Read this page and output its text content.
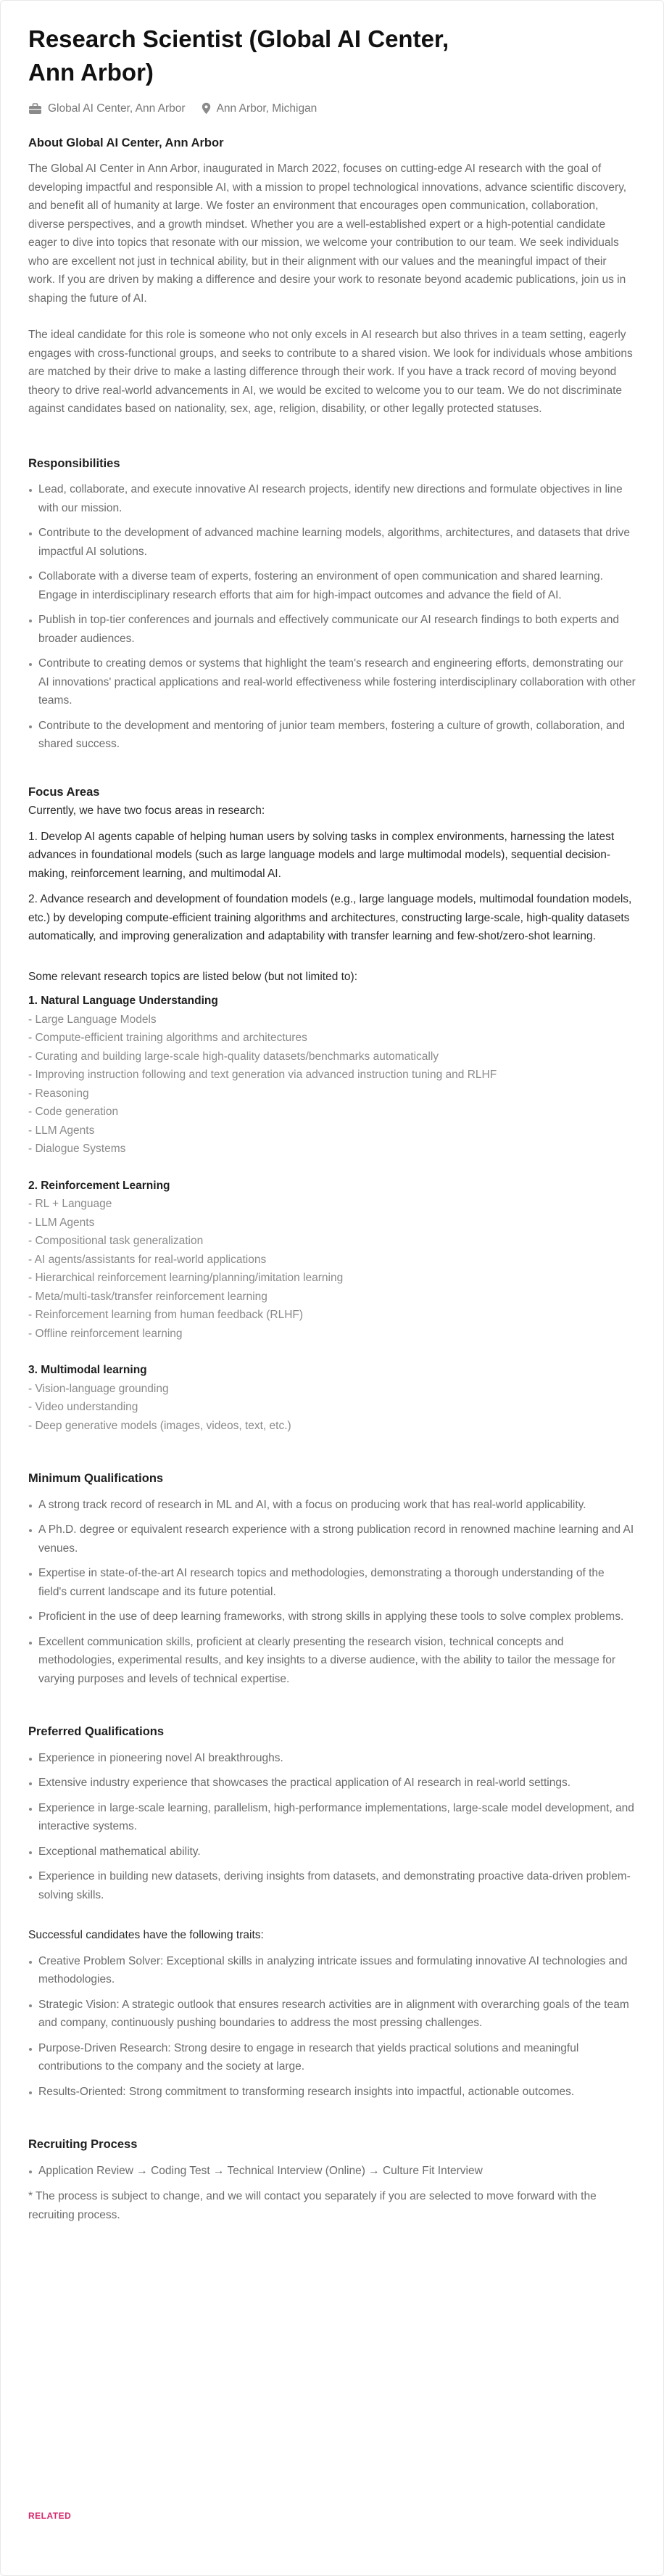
Research Scientist (Global AI Center, Ann Arbor)
Global AI Center, Ann Arbor	Ann Arbor, Michigan
About Global AI Center, Ann Arbor

The Global AI Center in Ann Arbor, inaugurated in March 2022, focuses on cutting-edge AI research with the goal of developing impactful and responsible AI, with a mission to propel technological innovations, advance scientific discovery, and benefit all of humanity at large. We foster an environment that encourages open communication, collaboration, diverse perspectives, and a growth mindset. Whether you are a well-established expert or a high-potential candidate eager to dive into topics that resonate with our mission, we welcome your contribution to our team. We seek individuals who are excellent not just in technical ability, but in their alignment with our values and the meaningful impact of their work. If you are driven by making a difference and desire your work to resonate beyond academic publications, join us in shaping the future of AI.

The ideal candidate for this role is someone who not only excels in AI research but also thrives in a team setting, eagerly engages with cross-functional groups, and seeks to contribute to a shared vision. We look for individuals whose ambitions are matched by their drive to make a lasting difference through their work. If you have a track record of moving beyond theory to drive real-world advancements in AI, we would be excited to welcome you to our team. We do not discriminate against candidates based on nationality, sex, age, religion, disability, or other legally protected statuses.

Responsibilities
Lead, collaborate, and execute innovative AI research projects, identify new directions and formulate objectives in line with our mission.
Contribute to the development of advanced machine learning models, algorithms, architectures, and datasets that drive impactful AI solutions.
Collaborate with a diverse team of experts, fostering an environment of open communication and shared learning. Engage in interdisciplinary research efforts that aim for high-impact outcomes and advance the field of AI.
Publish in top-tier conferences and journals and effectively communicate our AI research findings to both experts and broader audiences.
Contribute to creating demos or systems that highlight the team's research and engineering efforts, demonstrating our AI innovations' practical applications and real-world effectiveness while fostering interdisciplinary collaboration with other teams.
Contribute to the development and mentoring of junior team members, fostering a culture of growth, collaboration, and shared success.
Focus Areas

Currently, we have two focus areas in research:

1. Develop AI agents capable of helping human users by solving tasks in complex environments, harnessing the latest advances in foundational models (such as large language models and large multimodal models), sequential decision-making, reinforcement learning, and multimodal AI.
2. Advance research and development of foundation models (e.g., large language models, multimodal foundation models, etc.) by developing compute-efficient training algorithms and architectures, constructing large-scale, high-quality datasets automatically, and improving generalization and adaptability with transfer learning and few-shot/zero-shot learning.

Some relevant research topics are listed below (but not limited to):

1. Natural Language Understanding
- Large Language Models
- Compute-efficient training algorithms and architectures
- Curating and building large-scale high-quality datasets/benchmarks automatically
- Improving instruction following and text generation via advanced instruction tuning and RLHF
- Reasoning
- Code generation
- LLM Agents
- Dialogue Systems
2. Reinforcement Learning
- RL + Language
- LLM Agents
- Compositional task generalization
- AI agents/assistants for real-world applications
- Hierarchical reinforcement learning/planning/imitation learning
- Meta/multi-task/transfer reinforcement learning
- Reinforcement learning from human feedback (RLHF)
- Offline reinforcement learning
3. Multimodal learning
- Vision-language grounding
- Video understanding
- Deep generative models (images, videos, text, etc.)
Minimum Qualifications
A strong track record of research in ML and AI, with a focus on producing work that has real-world applicability.
A Ph.D. degree or equivalent research experience with a strong publication record in renowned machine learning and AI venues.
Expertise in state-of-the-art AI research topics and methodologies, demonstrating a thorough understanding of the field's current landscape and its future potential.
Proficient in the use of deep learning frameworks, with strong skills in applying these tools to solve complex problems.
Excellent communication skills, proficient at clearly presenting the research vision, technical concepts and methodologies, experimental results, and key insights to a diverse audience, with the ability to tailor the message for varying purposes and levels of technical expertise.
Preferred Qualifications
Experience in pioneering novel AI breakthroughs.
Extensive industry experience that showcases the practical application of AI research in real-world settings.
Experience in large-scale learning, parallelism, high-performance implementations, large-scale model development, and interactive systems.
Exceptional mathematical ability.
Experience in building new datasets, deriving insights from datasets, and demonstrating proactive data-driven problem-solving skills.

Successful candidates have the following traits:

Creative Problem Solver: Exceptional skills in analyzing intricate issues and formulating innovative AI technologies and methodologies.
Strategic Vision: A strategic outlook that ensures research activities are in alignment with overarching goals of the team and company, continuously pushing boundaries to address the most pressing challenges.
Purpose-Driven Research: Strong desire to engage in research that yields practical solutions and meaningful contributions to the company and the society at large.
Results-Oriented: Strong commitment to transforming research insights into impactful, actionable outcomes.
Recruiting Process
Application Review → Coding Test → Technical Interview (Online) → Culture Fit Interview

* The process is subject to change, and we will contact you separately if you are selected to move forward with the recruiting process.

RELATED
